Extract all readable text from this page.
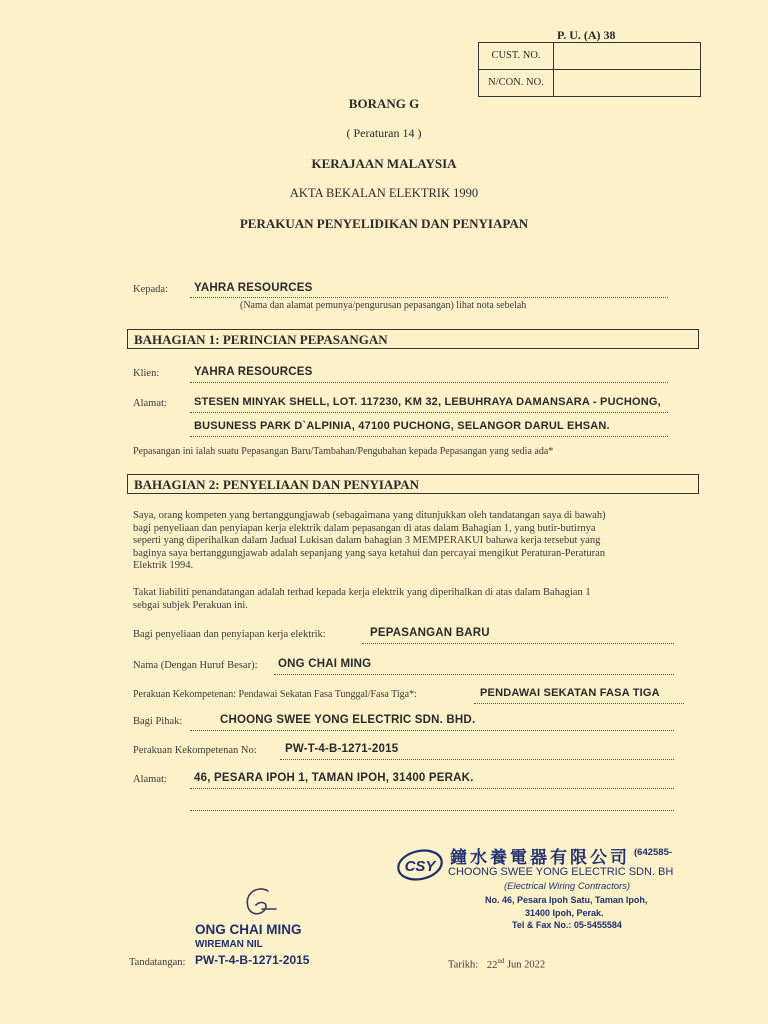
P. U. (A) 38
CUST. NO.
N/CON. NO.
BORANG G
( Peraturan 14 )
KERAJAAN MALAYSIA
AKTA BEKALAN ELEKTRIK 1990
PERAKUAN PENYELIDIKAN DAN PENYIAPAN
Kepada: YAHRA RESOURCES
(Nama dan alamat pemunya/pengurusan pepasangan) lihat nota sebelah
BAHAGIAN 1: PERINCIAN PEPASANGAN
Klien:	YAHRA RESOURCES
Alamat: STESEN MINYAK SHELL, LOT. 117230, KM 32, LEBUHRAYA DAMANSARA - PUCHONG,
BUSUNESS PARK D`ALPINIA, 47100 PUCHONG, SELANGOR DARUL EHSAN.
Pepasangan ini ialah suatu Pepasangan Baru/Tambahan/Pengubahan kepada Pepasangan yang sedia ada*
BAHAGIAN 2: PENYELIAAN DAN PENYIAPAN
Saya, orang kompeten yang bertanggungjawab (sebagaimana yang ditunjukkan oleh tandatangan saya di bawah)
bagi penyeliaan dan penyiapan kerja elektrik dalam pepasangan di atas dalam Bahagian 1, yang butir-butirnya
seperti yang diperihalkan dalam Jadual Lukisan dalam bahagian 3 MEMPERAKUI bahawa kerja tersebut yang
baginya saya bertanggungjawab adalah sepanjang yang saya ketahui dan percayai mengikut Peraturan-Peraturan
Elektrik 1994.
Takat liabiliti penandatangan adalah terhad kepada kerja elektrik yang diperihalkan di atas dalam Bahagian 1
sebgai subjek Perakuan ini.
Bagi penyeliaan dan penyiapan kerja elektrik:	PEPASANGAN BARU
Nama (Dengan Huruf Besar): ONG CHAI MING
Perakuan Kekompetenan: Pendawai Sekatan Fasa Tunggal/Fasa Tiga*:	PENDAWAI SEKATAN FASA TIGA
Bagi Pihak:	CHOONG SWEE YONG ELECTRIC SDN. BHD.
Perakuan Kekompetenan No: PW-T-4-B-1271-2015
Alamat: 46, PESARA IPOH 1, TAMAN IPOH, 31400 PERAK.
CSY 鐘水養電器有限公司 (642585-
CHOONG SWEE YONG ELECTRIC SDN. BH
(Electrical Wiring Contractors)
No. 46, Pesara Ipoh Satu, Taman Ipoh,
31400 Ipoh, Perak.
Tel & Fax No.: 05-5455584
ONG CHAI MING
WIREMAN NIL
Tandatangan: PW-T-4-B-1271-2015	Tarikh: 22nd Jun 2022
